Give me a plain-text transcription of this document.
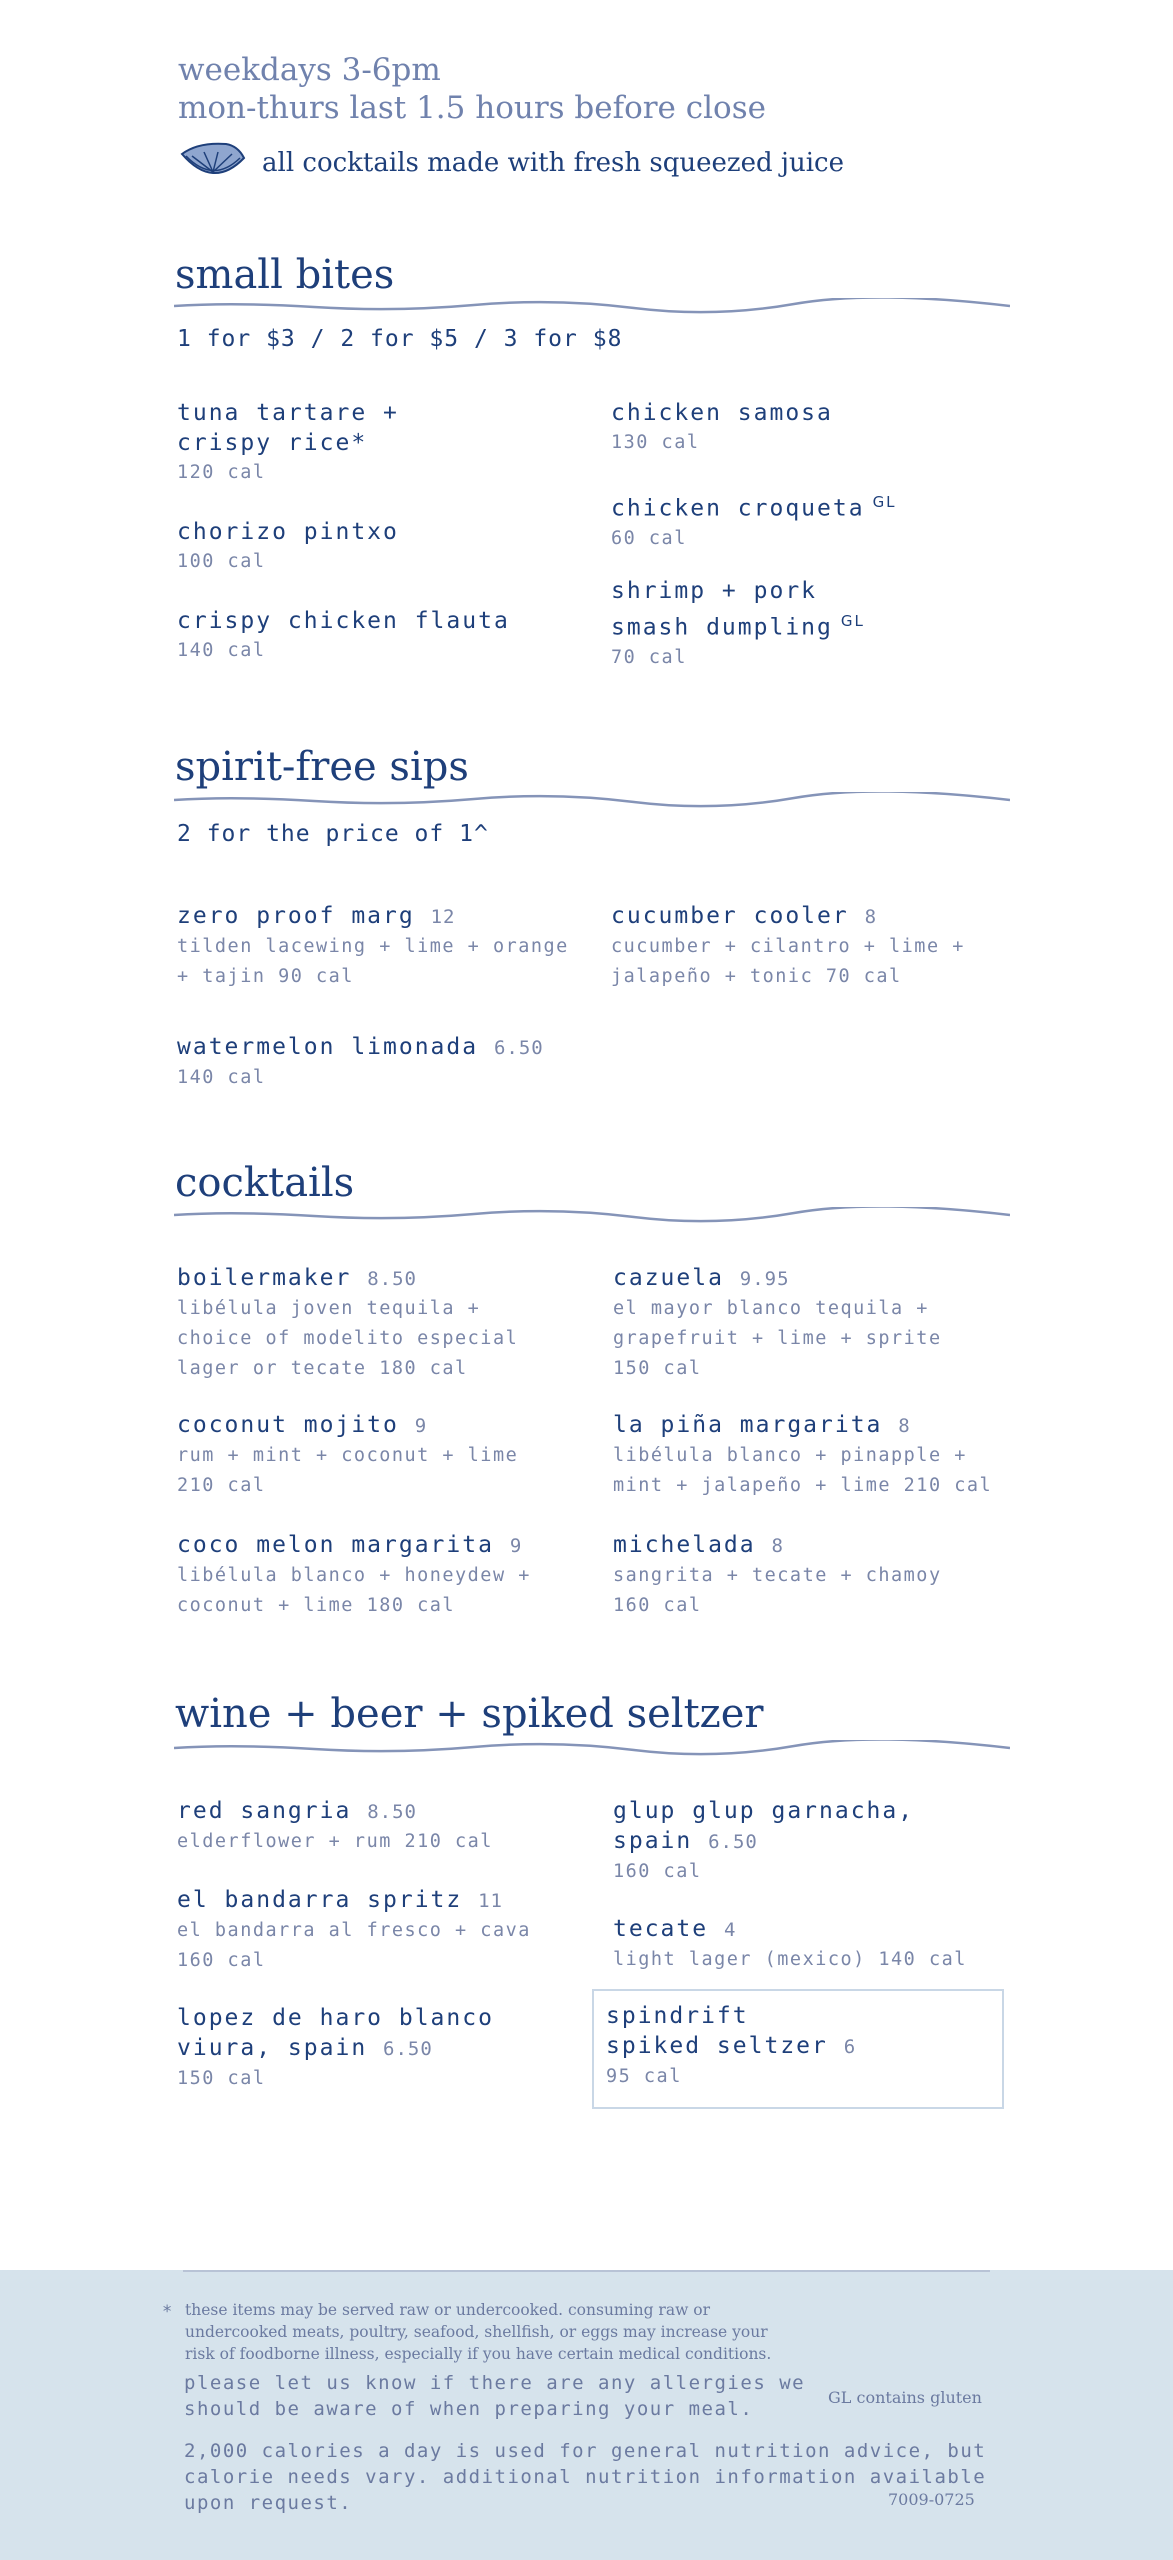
weekdays 3-6pm
mon-thurs last 1.5 hours before close
all cocktails made with fresh squeezed juice
small bites
1 for $3 / 2 for $5 / 3 for $8
tuna tartare +
crispy rice*
120 cal
chorizo pintxo
100 cal
crispy chicken flauta
140 cal
chicken samosa
130 cal
chicken croqueta $^{GL}$
60 cal
shrimp + pork
smash dumpling $^{GL}$
70 cal
spirit-free sips
2 for the price of 1^
zero proof marg 12
tilden lacewing + lime + orange
+ tajin 90 cal
watermelon limonada 6.50
140 cal
cucumber cooler 8
cucumber + cilantro + lime +
jalapeño + tonic 70 cal
cocktails
boilermaker 8.50
libélula joven tequila +
choice of modelito especial
lager or tecate 180 cal
coconut mojito 9
rum + mint + coconut + lime
210 cal
coco melon margarita 9
libélula blanco + honeydew +
coconut + lime 180 cal
cazuela 9.95
el mayor blanco tequila +
grapefruit + lime + sprite
150 cal
la piña margarita 8
libélula blanco + pinapple +
mint + jalapeño + lime 210 cal
michelada 8
sangrita + tecate + chamoy
160 cal
wine + beer + spiked seltzer
red sangria 8.50
elderflower + rum 210 cal
el bandarra spritz 11
el bandarra al fresco + cava
160 cal
lopez de haro blanco
viura, spain 6.50
150 cal
glup glup garnacha,
spain 6.50
160 cal
tecate 4
light lager (mexico) 140 cal
spindrift
spiked seltzer 6
95 cal
* these items may be served raw or undercooked. consuming raw or
undercooked meats, poultry, seafood, shellfish, or eggs may increase your
risk of foodborne illness, especially if you have certain medical conditions.
please let us know if there are any allergies we
should be aware of when preparing your meal.
GL contains gluten
2,000 calories a day is used for general nutrition advice, but
calorie needs vary. additional nutrition information available
upon request.	7009-0725
